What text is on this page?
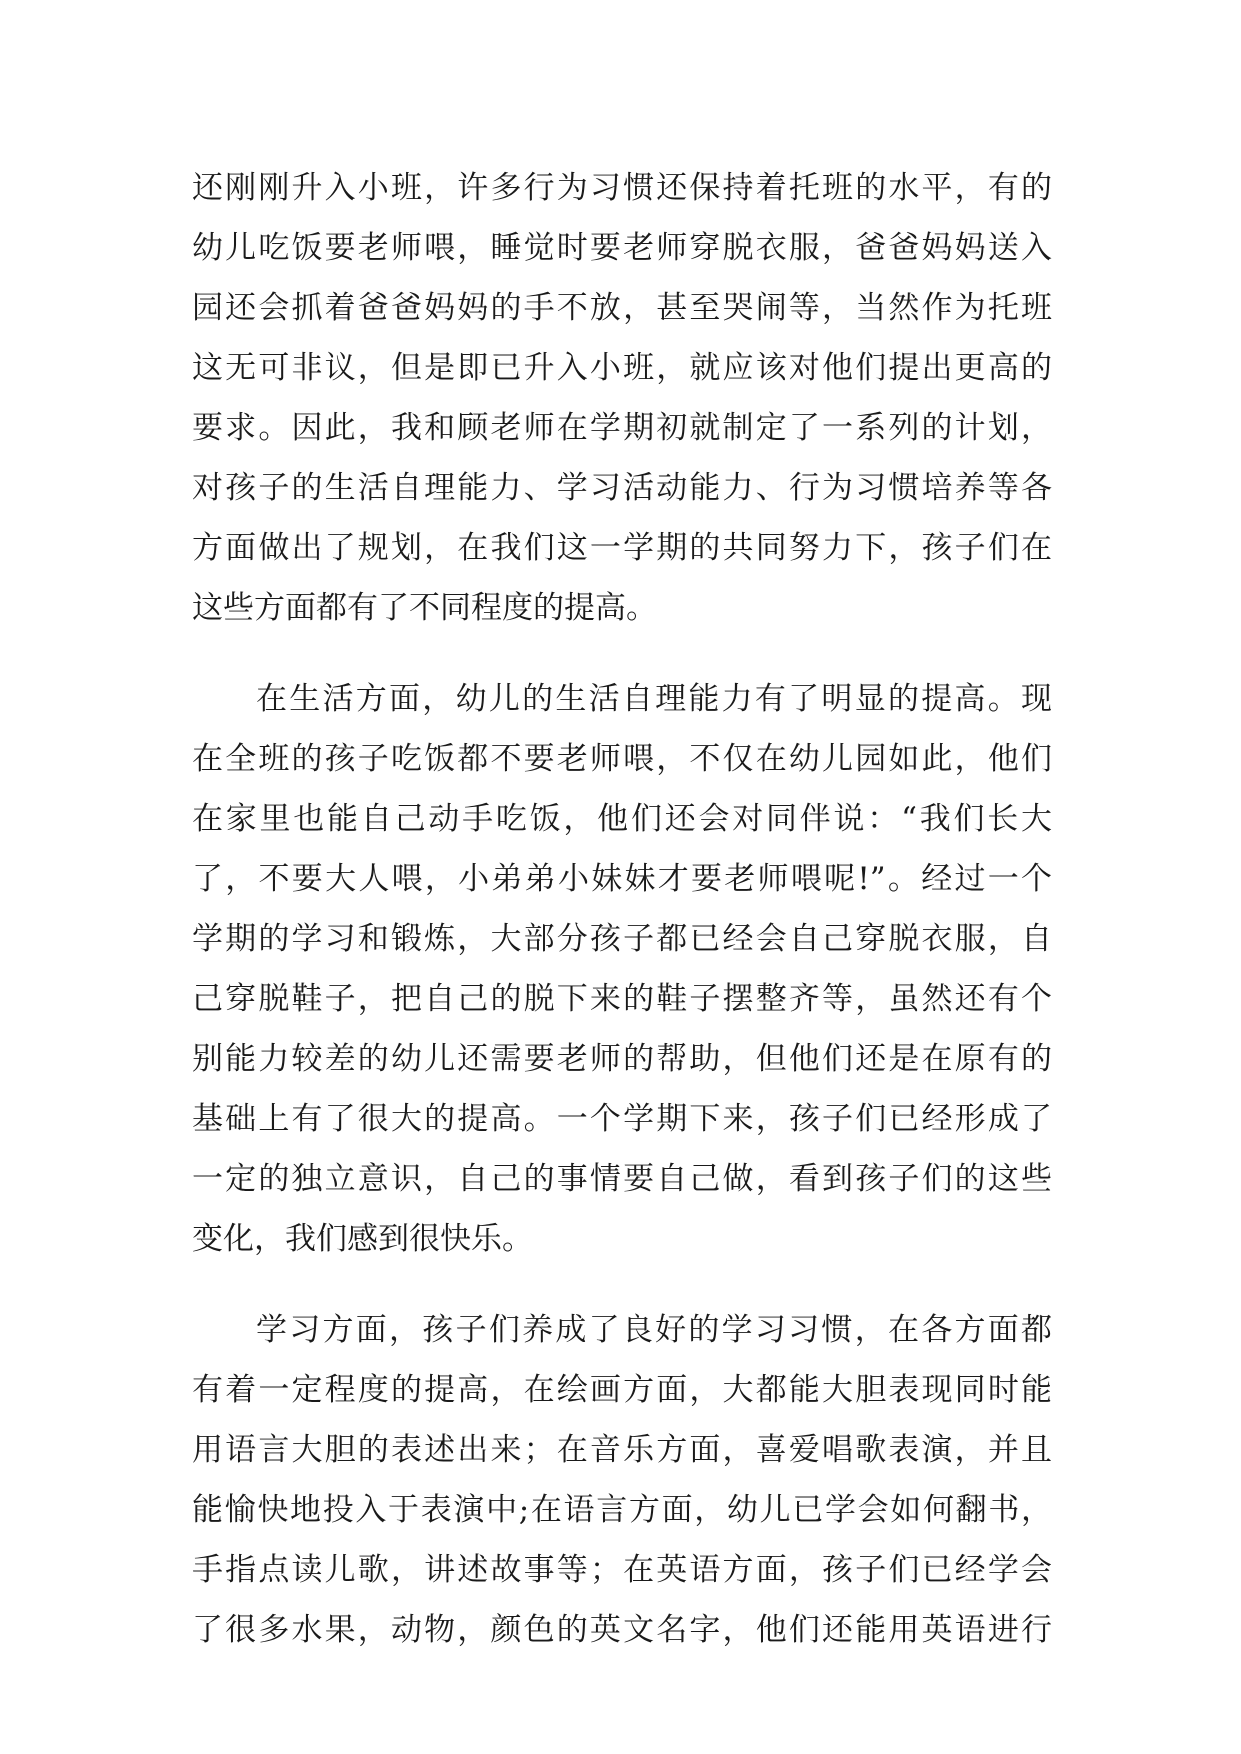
还刚刚升入小班，许多行为习惯还保持着托班的水平，有的
幼儿吃饭要老师喂，睡觉时要老师穿脱衣服，爸爸妈妈送入
园还会抓着爸爸妈妈的手不放，甚至哭闹等，当然作为托班
这无可非议，但是即已升入小班，就应该对他们提出更高的
要求。因此，我和顾老师在学期初就制定了一系列的计划，
对孩子的生活自理能力、学习活动能力、行为习惯培养等各
方面做出了规划，在我们这一学期的共同努力下，孩子们在
这些方面都有了不同程度的提高。
在生活方面，幼儿的生活自理能力有了明显的提高。现
在全班的孩子吃饭都不要老师喂，不仅在幼儿园如此，他们
在家里也能自己动手吃饭，他们还会对同伴说：“我们长大
了，不要大人喂，小弟弟小妹妹才要老师喂呢!”。经过一个
学期的学习和锻炼，大部分孩子都已经会自己穿脱衣服，自
己穿脱鞋子，把自己的脱下来的鞋子摆整齐等，虽然还有个
别能力较差的幼儿还需要老师的帮助，但他们还是在原有的
基础上有了很大的提高。一个学期下来，孩子们已经形成了
一定的独立意识，自己的事情要自己做，看到孩子们的这些
变化，我们感到很快乐。
学习方面，孩子们养成了良好的学习习惯，在各方面都
有着一定程度的提高，在绘画方面，大都能大胆表现同时能
用语言大胆的表述出来；在音乐方面，喜爱唱歌表演，并且
能愉快地投入于表演中;在语言方面，幼儿已学会如何翻书，
手指点读儿歌，讲述故事等；在英语方面，孩子们已经学会
了很多水果，动物，颜色的英文名字，他们还能用英语进行
